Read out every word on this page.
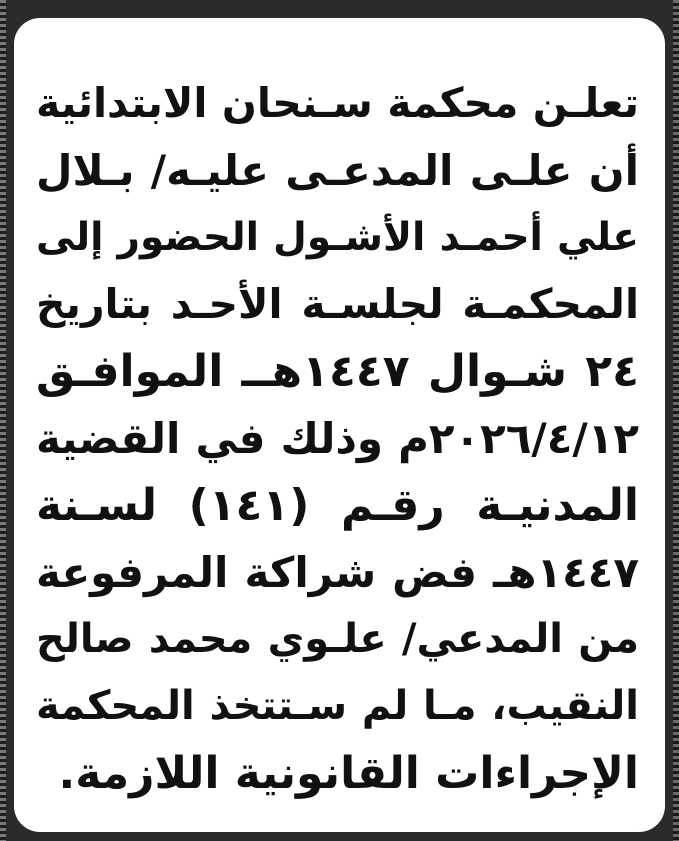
تعلـن محكمة سـنحان الابتدائية
أن علـى المدعـى عليـه/ بـلال
علي أحمـد الأشـول الحضور إلى
المحكمـة لجلسـة الأحـد بتاريخ
٢٤ شـوال ١٤٤٧هــ الموافـق
٢٠٢٦/٤/١٢م وذلك في القضية
المدنيـة رقـم (١٤١) لسـنة
١٤٤٧هـ فض شراكة المرفوعة
من المدعي/ علـوي محمد صالح
النقيب، مـا لم سـتتخذ المحكمة
الإجراءات القانونية اللازمة.
